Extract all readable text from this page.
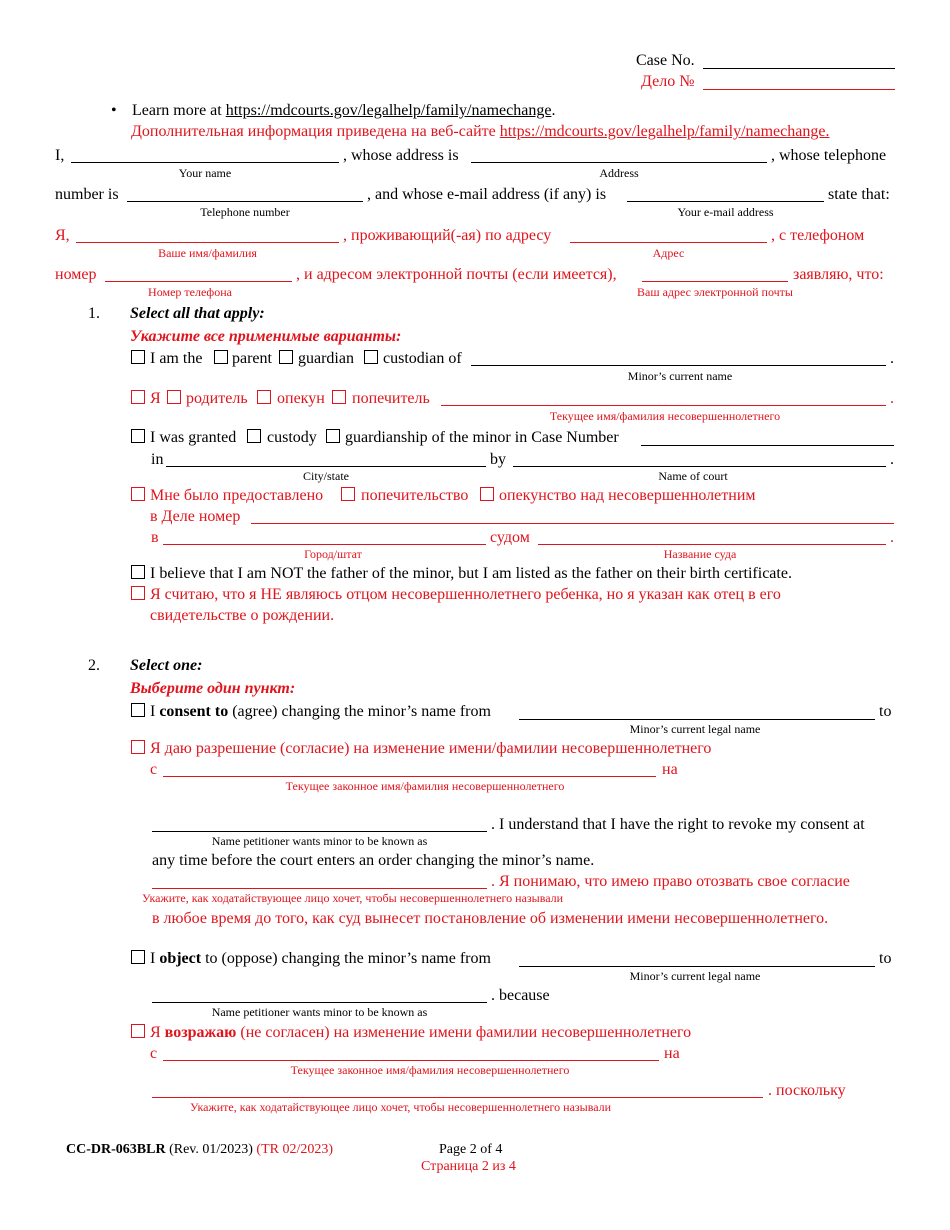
Case No.
Дело №
• Learn more at https://mdcourts.gov/legalhelp/family/namechange.
Дополнительная информация приведена на веб-сайте https://mdcourts.gov/legalhelp/family/namechange.
I,	, whose address is	, whose telephone
Your name	Address
number is	, and whose e-mail address (if any) is	state that:
Telephone number	Your e-mail address
Я,	, проживающий(-ая) по адресу	, с телефоном
Ваше имя/фамилия	Адрес
номер	, и адресом электронной почты (если имеется),	заявляю, что:
Номер телефона	Ваш адрес электронной почты
1. Select all that apply:
Укажите все применимые варианты:
I am the parent guardian custodian of	.
Minor’s current name
Я родитель опекун попечитель	.
Текущее имя/фамилия несовершеннолетнего
I was granted custody guardianship of the minor in Case Number
in	by	.
City/state	Name of court
Мне было предоставлено попечительство опекунство над несовершеннолетним
в Деле номер
в	судом	.
Город/штат	Название суда
I believe that I am NOT the father of the minor, but I am listed as the father on their birth certificate.
Я считаю, что я НЕ являюсь отцом несовершеннолетнего ребенка, но я указан как отец в его
свидетельстве о рождении.
2. Select one:
Выберите один пункт:
I consent to (agree) changing the minor’s name from	to
Minor’s current legal name
Я даю разрешение (согласие) на изменение имени/фамилии несовершеннолетнего
с	на
Текущее законное имя/фамилия несовершеннолетнего
. I understand that I have the right to revoke my consent at
Name petitioner wants minor to be known as
any time before the court enters an order changing the minor’s name.
. Я понимаю, что имею право отозвать свое согласие
Укажите, как ходатайствующее лицо хочет, чтобы несовершеннолетнего называли
в любое время до того, как суд вынесет постановление об изменении имени несовершеннолетнего.
I object to (oppose) changing the minor’s name from	to
Minor’s current legal name
. because
Name petitioner wants minor to be known as
Я возражаю (не согласен) на изменение имени фамилии несовершеннолетнего
с	на
Текущее законное имя/фамилия несовершеннолетнего
. поскольку
Укажите, как ходатайствующее лицо хочет, чтобы несовершеннолетнего называли
CC-DR-063BLR (Rev. 01/2023) (TR 02/2023)	Page 2 of 4
Страница 2 из 4
